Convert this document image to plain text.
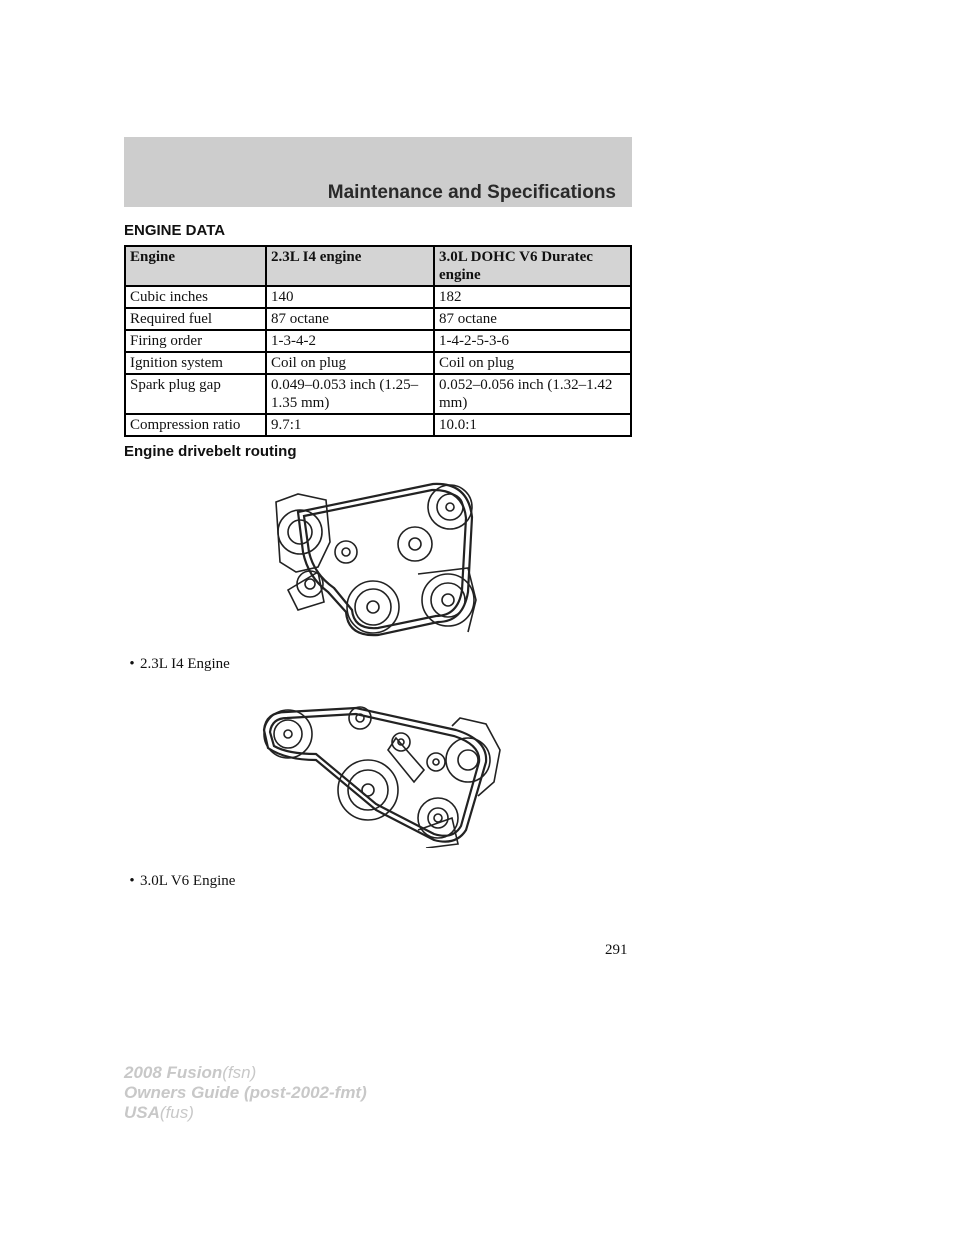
Maintenance and Specifications
ENGINE DATA
Engine	2.3L I4 engine	3.0L DOHC V6 Duratec engine
Cubic inches	140	182
Required fuel	87 octane	87 octane
Firing order	1-3-4-2	1-4-2-5-3-6
Ignition system	Coil on plug	Coil on plug
Spark plug gap	0.049–0.053 inch (1.25–1.35 mm)	0.052–0.056 inch (1.32–1.42 mm)
Compression ratio	9.7:1	10.0:1
Engine drivebelt routing
• 2.3L I4 Engine
• 3.0L V6 Engine
291
2008 Fusion(fsn)
Owners Guide (post-2002-fmt)
USA(fus)
